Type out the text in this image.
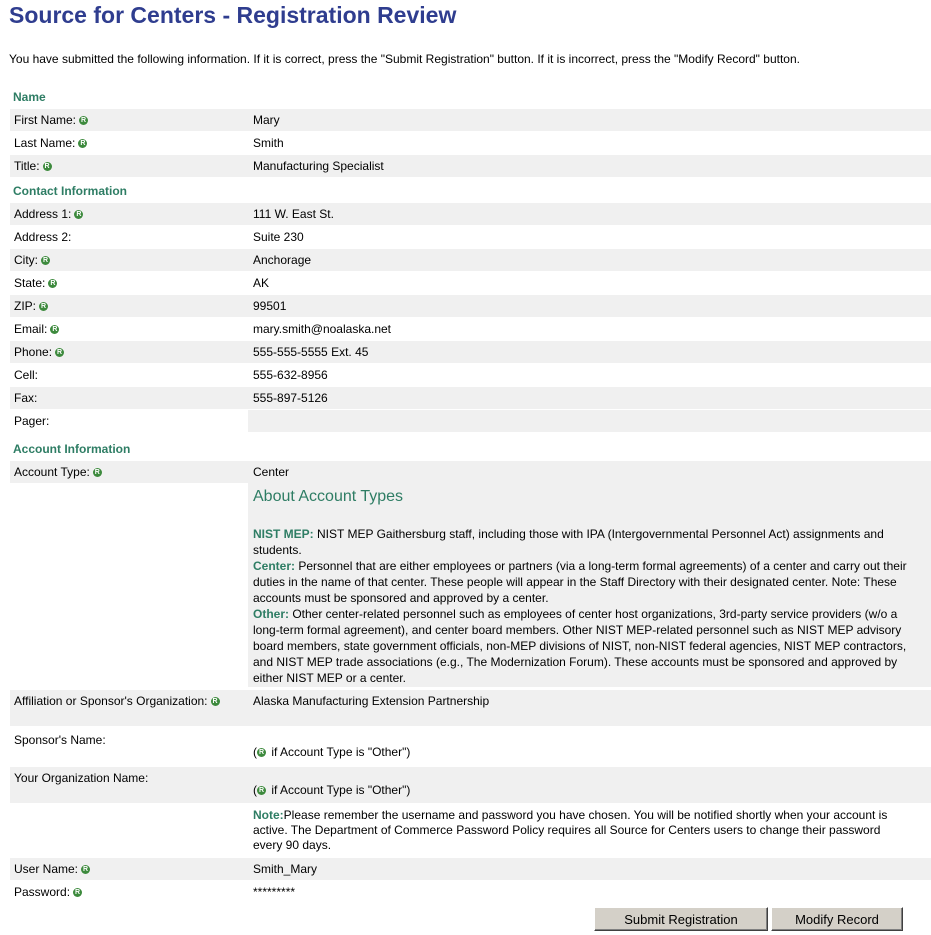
Source for Centers - Registration Review
You have submitted the following information. If it is correct, press the "Submit Registration" button. If it is incorrect, press the "Modify Record" button.
Name
First Name: R	Mary
Last Name: R	Smith
Title: R	Manufacturing Specialist
Contact Information
Address 1: R	111 W. East St.
Address 2:	Suite 230
City: R	Anchorage
State: R	AK
ZIP: R	99501
Email: R	mary.smith@noalaska.net
Phone: R	555-555-5555 Ext. 45
Cell:	555-632-8956
Fax:	555-897-5126
Pager:
Account Information
Account Type: R	Center
About Account Types
NIST MEP: NIST MEP Gaithersburg staff, including those with IPA (Intergovernmental Personnel Act) assignments and students.
Center: Personnel that are either employees or partners (via a long-term formal agreements) of a center and carry out their duties in the name of that center. These people will appear in the Staff Directory with their designated center. Note: These accounts must be sponsored and approved by a center.
Other: Other center-related personnel such as employees of center host organizations, 3rd-party service providers (w/o a long-term formal agreement), and center board members. Other NIST MEP-related personnel such as NIST MEP advisory board members, state government officials, non-MEP divisions of NIST, non-NIST federal agencies, NIST MEP contractors, and NIST MEP trade associations (e.g., The Modernization Forum). These accounts must be sponsored and approved by either NIST MEP or a center.
Affiliation or Sponsor's Organization: R	Alaska Manufacturing Extension Partnership
Sponsor's Name:
( R if Account Type is "Other")
Your Organization Name:
( R if Account Type is "Other")
Note:Please remember the username and password you have chosen. You will be notified shortly when your account is active. The Department of Commerce Password Policy requires all Source for Centers users to change their password every 90 days.
User Name: R	Smith_Mary
Password: R	*********
Submit Registration	Modify Record
